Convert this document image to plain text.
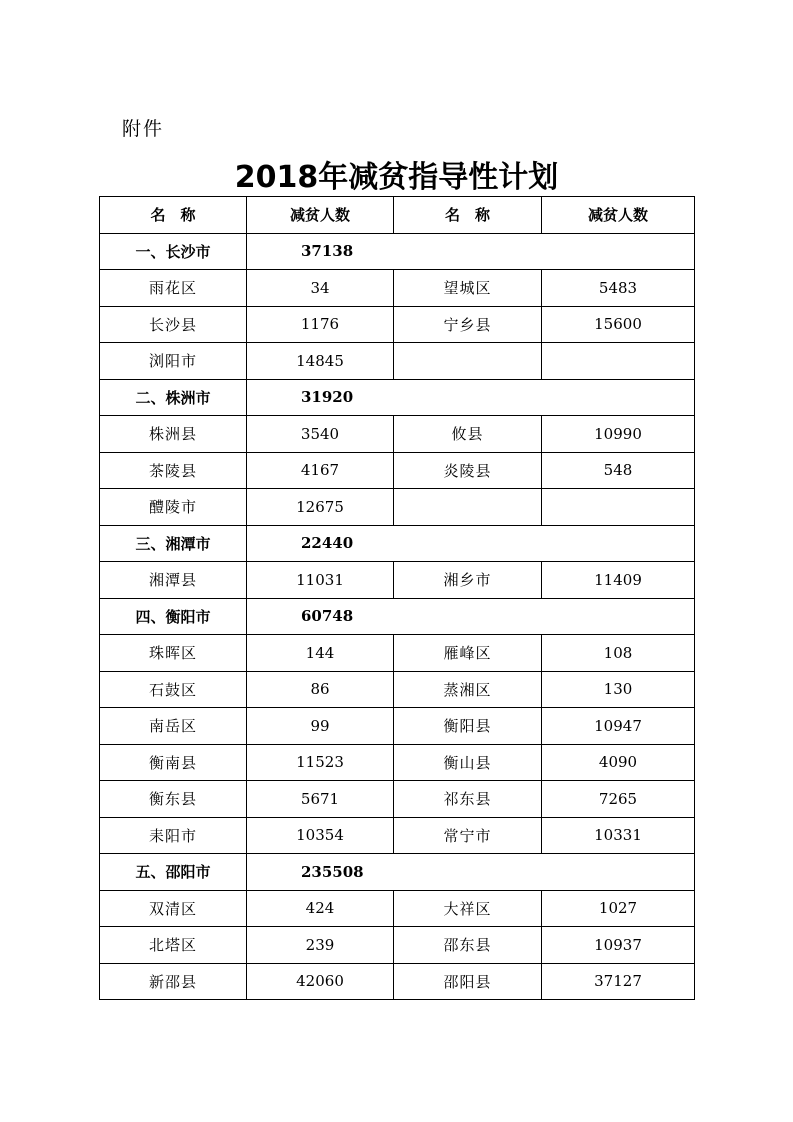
附件
2018年减贫指导性计划
名　称	减贫人数	名　称	减贫人数
一、长沙市	37138		
雨花区	34	望城区	5483
长沙县	1176	宁乡县	15600
浏阳市	14845		
二、株洲市	31920		
株洲县	3540	攸县	10990
茶陵县	4167	炎陵县	548
醴陵市	12675		
三、湘潭市	22440		
湘潭县	11031	湘乡市	11409
四、衡阳市	60748		
珠晖区	144	雁峰区	108
石鼓区	86	蒸湘区	130
南岳区	99	衡阳县	10947
衡南县	11523	衡山县	4090
衡东县	5671	祁东县	7265
耒阳市	10354	常宁市	10331
五、邵阳市	235508		
双清区	424	大祥区	1027
北塔区	239	邵东县	10937
新邵县	42060	邵阳县	37127
